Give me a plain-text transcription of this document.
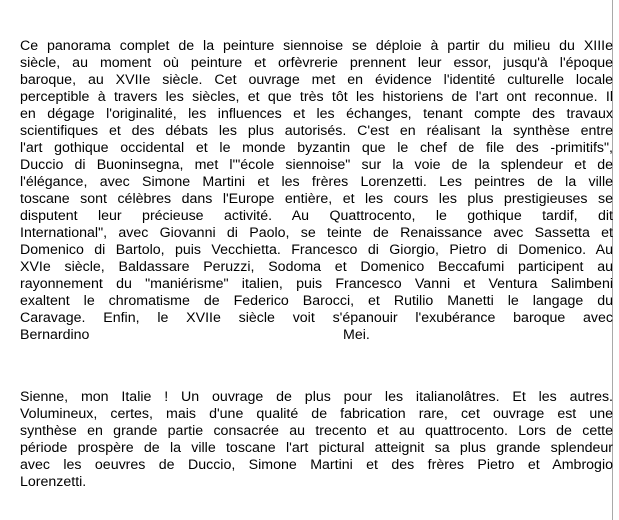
Ce panorama complet de la peinture siennoise se déploie à partir du milieu du XIIIe
siècle, au moment où peinture et orfèvrerie prennent leur essor, jusqu'à l'époque
baroque, au XVIIe siècle. Cet ouvrage met en évidence l'identité culturelle locale
perceptible à travers les siècles, et que très tôt les historiens de l'art ont reconnue. Il
en dégage l'originalité, les influences et les échanges, tenant compte des travaux
scientifiques et des débats les plus autorisés. C'est en réalisant la synthèse entre
l'art gothique occidental et le monde byzantin que le chef de file des -primitifs",
Duccio di Buoninsegna, met l'"école siennoise" sur la voie de la splendeur et de
l'élégance, avec Simone Martini et les frères Lorenzetti. Les peintres de la ville
toscane sont célèbres dans l'Europe entière, et les cours les plus prestigieuses se
disputent leur précieuse activité. Au Quattrocento, le gothique tardif, dit
International", avec Giovanni di Paolo, se teinte de Renaissance avec Sassetta et
Domenico di Bartolo, puis Vecchietta. Francesco di Giorgio, Pietro di Domenico. Au
XVIe siècle, Baldassare Peruzzi, Sodoma et Domenico Beccafumi participent au
rayonnement du "maniérisme" italien, puis Francesco Vanni et Ventura Salimbeni
exaltent le chromatisme de Federico Barocci, et Rutilio Manetti le langage du
Caravage. Enfin, le XVIIe siècle voit s'épanouir l'exubérance baroque avec
Bernardino	Mei.
Sienne, mon Italie ! Un ouvrage de plus pour les italianolâtres. Et les autres.
Volumineux, certes, mais d'une qualité de fabrication rare, cet ouvrage est une
synthèse en grande partie consacrée au trecento et au quattrocento. Lors de cette
période prospère de la ville toscane l'art pictural atteignit sa plus grande splendeur
avec les oeuvres de Duccio, Simone Martini et des frères Pietro et Ambrogio
Lorenzetti.
